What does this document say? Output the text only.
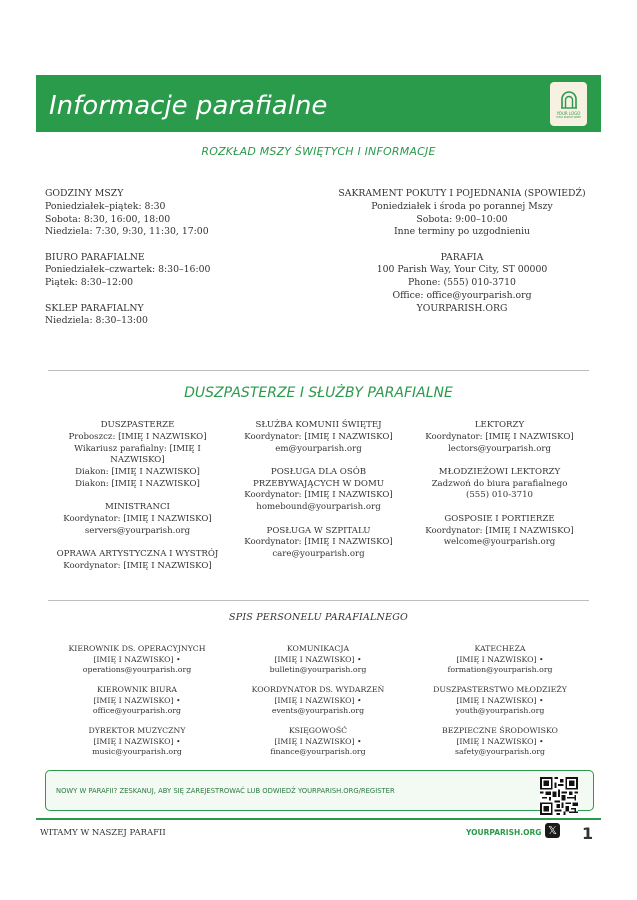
Informacje parafialne	YOUR LOGO
YOUR PARISH NAME
ROZKŁAD MSZY ŚWIĘTYCH I INFORMACJE
GODZINY MSZY
Poniedziałek–piątek: 8:30
Sobota: 8:30, 16:00, 18:00
Niedziela: 7:30, 9:30, 11:30, 17:00
BIURO PARAFIALNE
Poniedziałek–czwartek: 8:30–16:00
Piątek: 8:30–12:00
SKLEP PARAFIALNY
Niedziela: 8:30–13:00
SAKRAMENT POKUTY I POJEDNANIA (SPOWIEDŹ)
Poniedziałek i środa po porannej Mszy
Sobota: 9:00–10:00
Inne terminy po uzgodnieniu
PARAFIA
100 Parish Way, Your City, ST 00000
Phone: (555) 010-3710
Office: office@yourparish.org
YOURPARISH.ORG
DUSZPASTERZE I SŁUŻBY PARAFIALNE
DUSZPASTERZE
Proboszcz: [IMIĘ I NAZWISKO]
Wikariusz parafialny: [IMIĘ I NAZWISKO]
Diakon: [IMIĘ I NAZWISKO]
Diakon: [IMIĘ I NAZWISKO]
MINISTRANCI
Koordynator: [IMIĘ I NAZWISKO]
servers@yourparish.org
OPRAWA ARTYSTYCZNA I WYSTRÓJ
Koordynator: [IMIĘ I NAZWISKO]
SŁUŻBA KOMUNII ŚWIĘTEJ
Koordynator: [IMIĘ I NAZWISKO]
em@yourparish.org
POSŁUGA DLA OSÓB PRZEBYWAJĄCYCH W DOMU
Koordynator: [IMIĘ I NAZWISKO]
homebound@yourparish.org
POSŁUGA W SZPITALU
Koordynator: [IMIĘ I NAZWISKO]
care@yourparish.org
LEKTORZY
Koordynator: [IMIĘ I NAZWISKO]
lectors@yourparish.org
MŁODZIEŻOWI LEKTORZY
Zadzwoń do biura parafialnego
(555) 010-3710
GOSPOSIE I PORTIERZE
Koordynator: [IMIĘ I NAZWISKO]
welcome@yourparish.org
SPIS PERSONELU PARAFIALNEGO
KIEROWNIK DS. OPERACYJNYCH
[IMIĘ I NAZWISKO] •
operations@yourparish.org
KIEROWNIK BIURA
[IMIĘ I NAZWISKO] •
office@yourparish.org
DYREKTOR MUZYCZNY
[IMIĘ I NAZWISKO] •
music@yourparish.org
KOMUNIKACJA
[IMIĘ I NAZWISKO] •
bulletin@yourparish.org
KOORDYNATOR DS. WYDARZEŃ
[IMIĘ I NAZWISKO] •
events@yourparish.org
KSIĘGOWOŚĆ
[IMIĘ I NAZWISKO] •
finance@yourparish.org
KATECHEZA
[IMIĘ I NAZWISKO] •
formation@yourparish.org
DUSZPASTERSTWO MŁODZIEŻY
[IMIĘ I NAZWISKO] •
youth@yourparish.org
BEZPIECZNE ŚRODOWISKO
[IMIĘ I NAZWISKO] •
safety@yourparish.org
NOWY W PARAFII? ZESKANUJ, ABY SIĘ ZAREJESTROWAĆ LUB ODWIEDŹ YOURPARISH.ORG/REGISTER
WITAMY W NASZEJ PARAFII	YOURPARISH.ORG 𝕏 1
